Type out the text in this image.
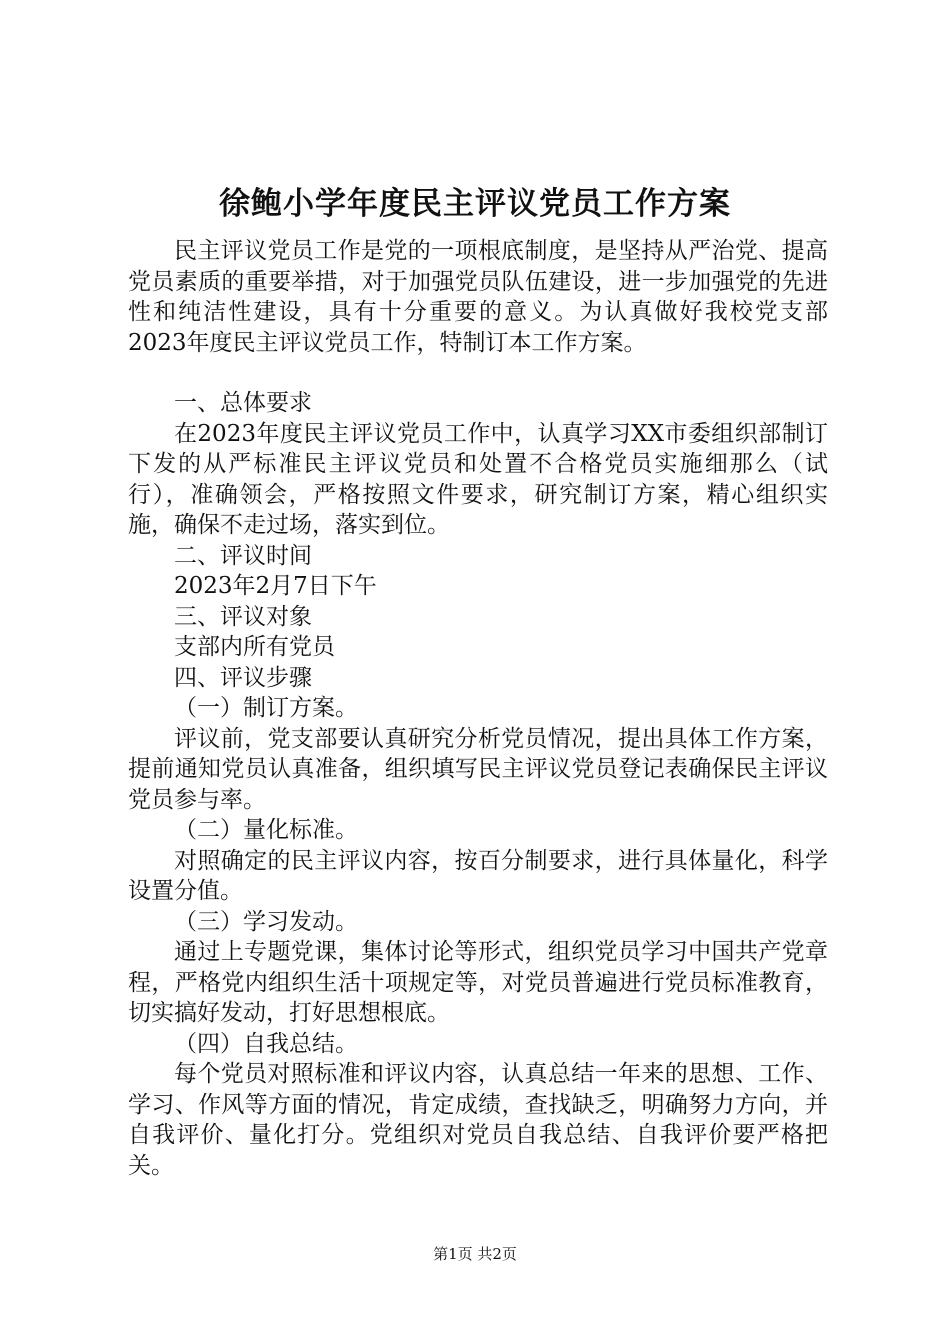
徐鲍小学年度民主评议党员工作方案

民主评议党员工作是党的一项根底制度，是坚持从严治党、提高党员素质的重要举措，对于加强党员队伍建设，进一步加强党的先进性和纯洁性建设，具有十分重要的意义。为认真做好我校党支部2023年度民主评议党员工作，特制订本工作方案。

一、总体要求

在2023年度民主评议党员工作中，认真学习XX市委组织部制订下发的从严标准民主评议党员和处置不合格党员实施细那么（试行），准确领会，严格按照文件要求，研究制订方案，精心组织实施，确保不走过场，落实到位。

二、评议时间

2023年2月7日下午

三、评议对象

支部内所有党员

四、评议步骤

（一）制订方案。

评议前，党支部要认真研究分析党员情况，提出具体工作方案，提前通知党员认真准备，组织填写民主评议党员登记表确保民主评议党员参与率。

（二）量化标准。

对照确定的民主评议内容，按百分制要求，进行具体量化，科学设置分值。

（三）学习发动。

通过上专题党课，集体讨论等形式，组织党员学习中国共产党章程，严格党内组织生活十项规定等，对党员普遍进行党员标准教育，切实搞好发动，打好思想根底。

（四）自我总结。

每个党员对照标准和评议内容，认真总结一年来的思想、工作、学习、作风等方面的情况，肯定成绩，查找缺乏，明确努力方向，并自我评价、量化打分。党组织对党员自我总结、自我评价要严格把关。

第1页 共2页
